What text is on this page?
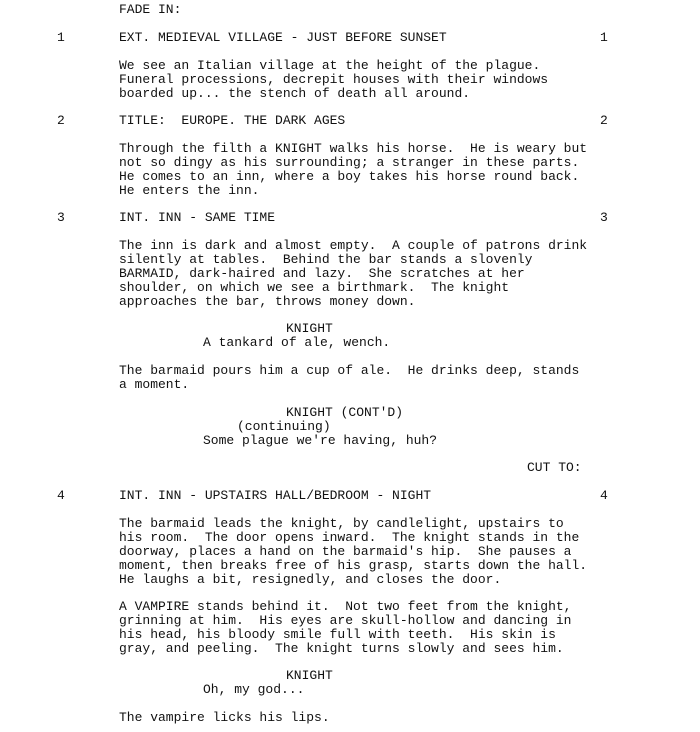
FADE IN:
1	EXT. MEDIEVAL VILLAGE - JUST BEFORE SUNSET	1
We see an Italian village at the height of the plague.
Funeral processions, decrepit houses with their windows
boarded up... the stench of death all around.
2	TITLE:  EUROPE. THE DARK AGES	2
Through the filth a KNIGHT walks his horse.  He is weary but
not so dingy as his surrounding; a stranger in these parts.
He comes to an inn, where a boy takes his horse round back.
He enters the inn.
3	INT. INN - SAME TIME	3
The inn is dark and almost empty.  A couple of patrons drink
silently at tables.  Behind the bar stands a slovenly
BARMAID, dark-haired and lazy.  She scratches at her
shoulder, on which we see a birthmark.  The knight
approaches the bar, throws money down.
KNIGHT
A tankard of ale, wench.
The barmaid pours him a cup of ale.  He drinks deep, stands
a moment.
KNIGHT (CONT'D)
(continuing)
Some plague we're having, huh?
CUT TO:
4	INT. INN - UPSTAIRS HALL/BEDROOM - NIGHT	4
The barmaid leads the knight, by candlelight, upstairs to
his room.  The door opens inward.  The knight stands in the
doorway, places a hand on the barmaid's hip.  She pauses a
moment, then breaks free of his grasp, starts down the hall.
He laughs a bit, resignedly, and closes the door.
A VAMPIRE stands behind it.  Not two feet from the knight,
grinning at him.  His eyes are skull-hollow and dancing in
his head, his bloody smile full with teeth.  His skin is
gray, and peeling.  The knight turns slowly and sees him.
KNIGHT
Oh, my god...
The vampire licks his lips.
